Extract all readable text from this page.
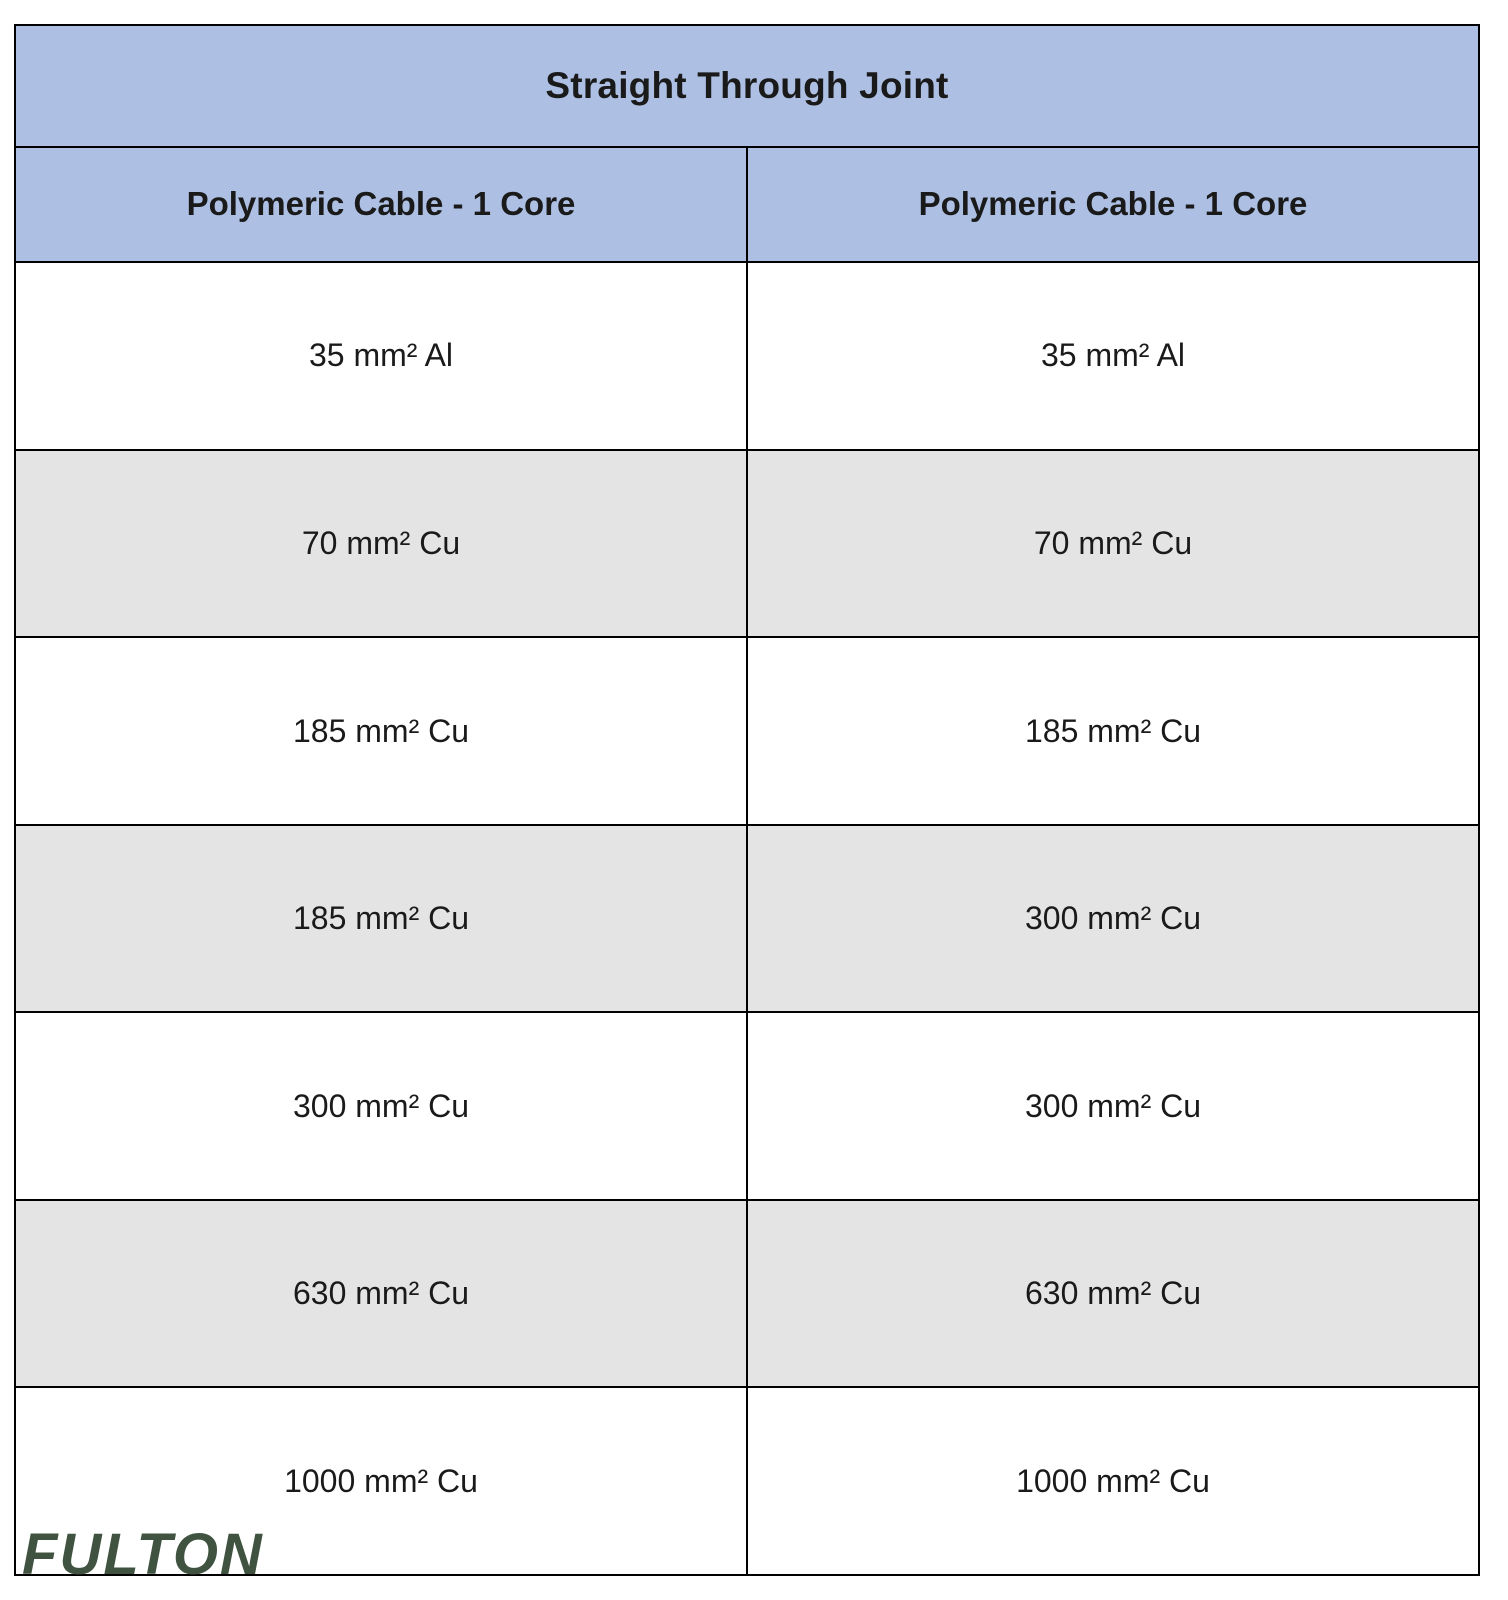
Straight Through Joint	
Polymeric Cable - 1 Core	Polymeric Cable - 1 Core
35 mm² Al	35 mm² Al
70 mm² Cu	70 mm² Cu
185 mm² Cu	185 mm² Cu
185 mm² Cu	300 mm² Cu
300 mm² Cu	300 mm² Cu
630 mm² Cu	630 mm² Cu
1000 mm² Cu	1000 mm² Cu
FULTON
